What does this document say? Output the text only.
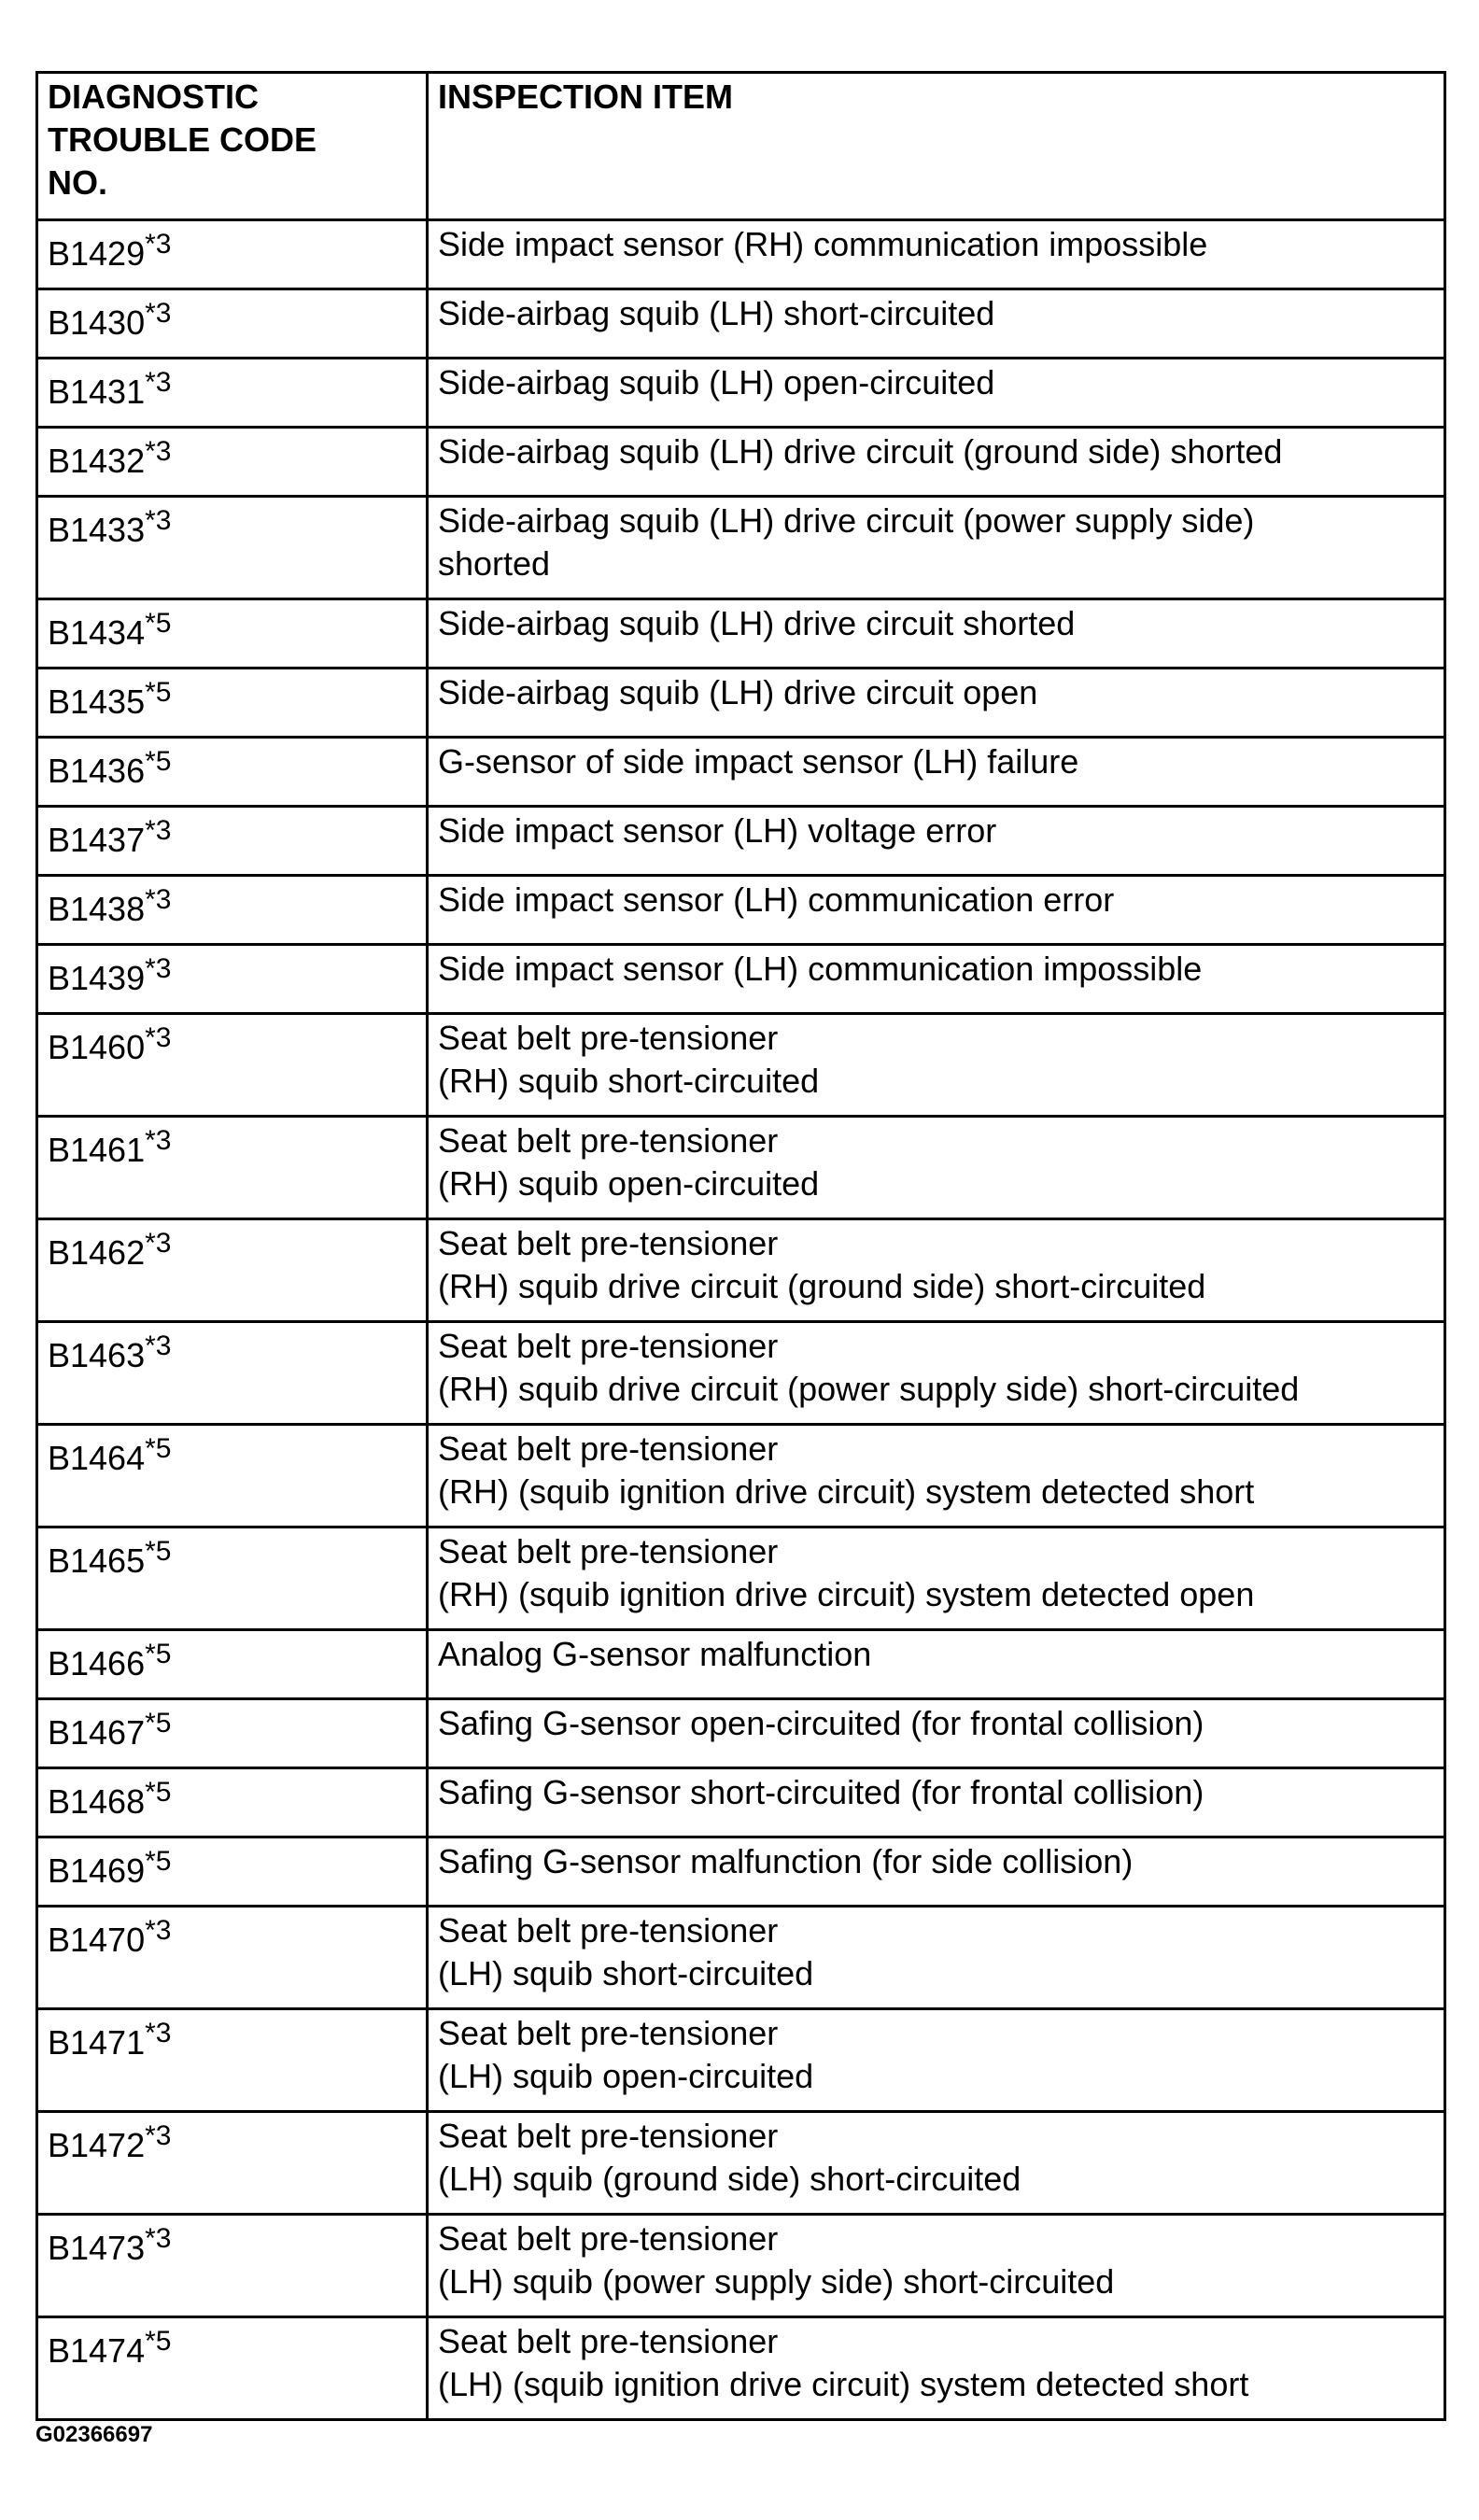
DIAGNOSTIC
TROUBLE CODE
NO.	INSPECTION ITEM
B1429$^{*3}$	Side impact sensor (RH) communication impossible

B1430$^{*3}$	Side-airbag squib (LH) short-circuited

B1431$^{*3}$	Side-airbag squib (LH) open-circuited

B1432$^{*3}$	Side-airbag squib (LH) drive circuit (ground side) shorted

B1433$^{*3}$	Side-airbag squib (LH) drive circuit (power supply side)
shorted

B1434$^{*5}$	Side-airbag squib (LH) drive circuit shorted

B1435$^{*5}$	Side-airbag squib (LH) drive circuit open

B1436$^{*5}$	G-sensor of side impact sensor (LH) failure

B1437$^{*3}$	Side impact sensor (LH) voltage error

B1438$^{*3}$	Side impact sensor (LH) communication error

B1439$^{*3}$	Side impact sensor (LH) communication impossible

B1460$^{*3}$	Seat belt pre-tensioner
(RH) squib short-circuited

B1461$^{*3}$	Seat belt pre-tensioner
(RH) squib open-circuited

B1462$^{*3}$	Seat belt pre-tensioner
(RH) squib drive circuit (ground side) short-circuited

B1463$^{*3}$	Seat belt pre-tensioner
(RH) squib drive circuit (power supply side) short-circuited

B1464$^{*5}$	Seat belt pre-tensioner
(RH) (squib ignition drive circuit) system detected short

B1465$^{*5}$	Seat belt pre-tensioner
(RH) (squib ignition drive circuit) system detected open

B1466$^{*5}$	Analog G-sensor malfunction

B1467$^{*5}$	Safing G-sensor open-circuited (for frontal collision)

B1468$^{*5}$	Safing G-sensor short-circuited (for frontal collision)

B1469$^{*5}$	Safing G-sensor malfunction (for side collision)

B1470$^{*3}$	Seat belt pre-tensioner
(LH) squib short-circuited

B1471$^{*3}$	Seat belt pre-tensioner
(LH) squib open-circuited

B1472$^{*3}$	Seat belt pre-tensioner
(LH) squib (ground side) short-circuited

B1473$^{*3}$	Seat belt pre-tensioner
(LH) squib (power supply side) short-circuited

B1474$^{*5}$	Seat belt pre-tensioner
(LH) (squib ignition drive circuit) system detected short
G02366697
